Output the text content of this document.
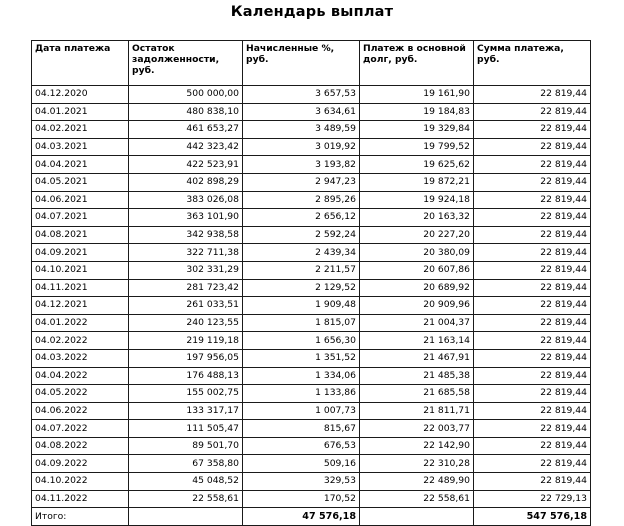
Календарь выплат
Дата платежа	Остаток задолженности, руб.	Начисленные %, руб.	Платеж в основной долг, руб.	Сумма платежа, руб.
04.12.2020	500 000,00	3 657,53	19 161,90	22 819,44
04.01.2021	480 838,10	3 634,61	19 184,83	22 819,44
04.02.2021	461 653,27	3 489,59	19 329,84	22 819,44
04.03.2021	442 323,42	3 019,92	19 799,52	22 819,44
04.04.2021	422 523,91	3 193,82	19 625,62	22 819,44
04.05.2021	402 898,29	2 947,23	19 872,21	22 819,44
04.06.2021	383 026,08	2 895,26	19 924,18	22 819,44
04.07.2021	363 101,90	2 656,12	20 163,32	22 819,44
04.08.2021	342 938,58	2 592,24	20 227,20	22 819,44
04.09.2021	322 711,38	2 439,34	20 380,09	22 819,44
04.10.2021	302 331,29	2 211,57	20 607,86	22 819,44
04.11.2021	281 723,42	2 129,52	20 689,92	22 819,44
04.12.2021	261 033,51	1 909,48	20 909,96	22 819,44
04.01.2022	240 123,55	1 815,07	21 004,37	22 819,44
04.02.2022	219 119,18	1 656,30	21 163,14	22 819,44
04.03.2022	197 956,05	1 351,52	21 467,91	22 819,44
04.04.2022	176 488,13	1 334,06	21 485,38	22 819,44
04.05.2022	155 002,75	1 133,86	21 685,58	22 819,44
04.06.2022	133 317,17	1 007,73	21 811,71	22 819,44
04.07.2022	111 505,47	815,67	22 003,77	22 819,44
04.08.2022	89 501,70	676,53	22 142,90	22 819,44
04.09.2022	67 358,80	509,16	22 310,28	22 819,44
04.10.2022	45 048,52	329,53	22 489,90	22 819,44
04.11.2022	22 558,61	170,52	22 558,61	22 729,13
Итого:		47 576,18		547 576,18
